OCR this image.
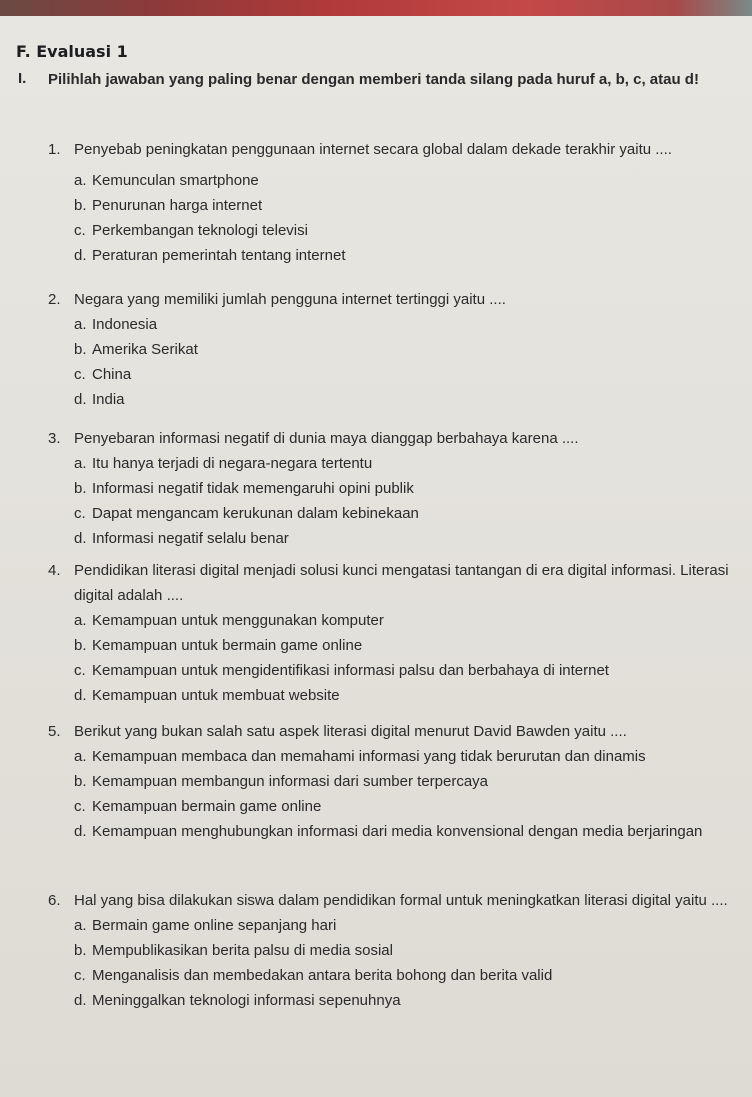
F. Evaluasi 1
I. Pilihlah jawaban yang paling benar dengan memberi tanda silang pada huruf a, b, c, atau d!
1. Penyebab peningkatan penggunaan internet secara global dalam dekade terakhir yaitu ....
a. Kemunculan smartphone
b. Penurunan harga internet
c. Perkembangan teknologi televisi
d. Peraturan pemerintah tentang internet
2. Negara yang memiliki jumlah pengguna internet tertinggi yaitu ....
a. Indonesia
b. Amerika Serikat
c. China
d. India
3. Penyebaran informasi negatif di dunia maya dianggap berbahaya karena ....
a. Itu hanya terjadi di negara-negara tertentu
b. Informasi negatif tidak memengaruhi opini publik
c. Dapat mengancam kerukunan dalam kebinekaan
d. Informasi negatif selalu benar
4. Pendidikan literasi digital menjadi solusi kunci mengatasi tantangan di era digital informasi. Literasi digital adalah ....
a. Kemampuan untuk menggunakan komputer
b. Kemampuan untuk bermain game online
c. Kemampuan untuk mengidentifikasi informasi palsu dan berbahaya di internet
d. Kemampuan untuk membuat website
5. Berikut yang bukan salah satu aspek literasi digital menurut David Bawden yaitu ....
a. Kemampuan membaca dan memahami informasi yang tidak berurutan dan dinamis
b. Kemampuan membangun informasi dari sumber terpercaya
c. Kemampuan bermain game online
d. Kemampuan menghubungkan informasi dari media konvensional dengan media berjaringan
6. Hal yang bisa dilakukan siswa dalam pendidikan formal untuk meningkatkan literasi digital yaitu ....
a. Bermain game online sepanjang hari
b. Mempublikasikan berita palsu di media sosial
c. Menganalisis dan membedakan antara berita bohong dan berita valid
d. Meninggalkan teknologi informasi sepenuhnya
